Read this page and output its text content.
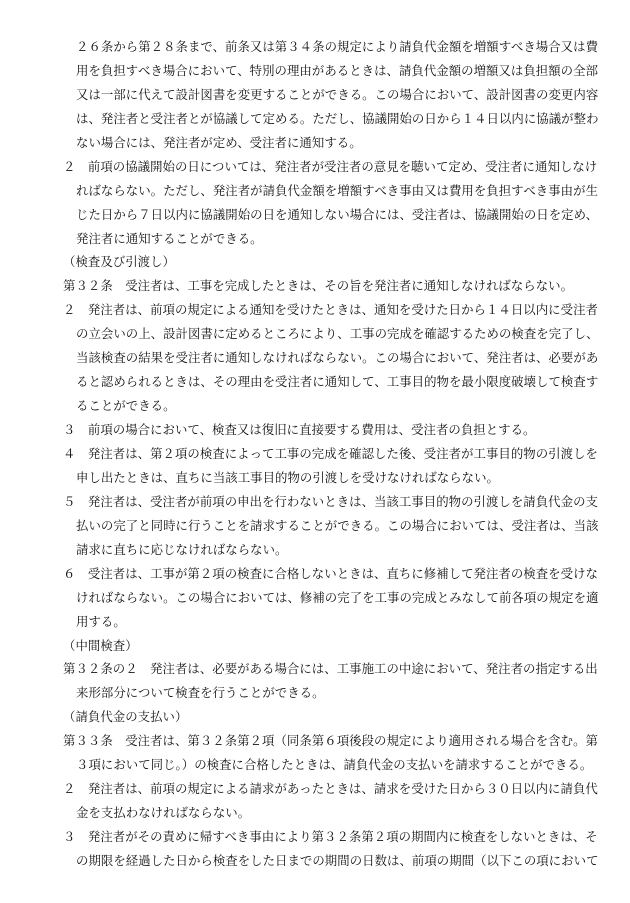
２６条から第２８条まで、前条又は第３４条の規定により請負代金額を増額すべき場合又は費
用を負担すべき場合において、特別の理由があるときは、請負代金額の増額又は負担額の全部
又は一部に代えて設計図書を変更することができる。この場合において、設計図書の変更内容
は、発注者と受注者とが協議して定める。ただし、協議開始の日から１４日以内に協議が整わ
ない場合には、発注者が定め、受注者に通知する。
２　前項の協議開始の日については、発注者が受注者の意見を聴いて定め、受注者に通知しなけ
ればならない。ただし、発注者が請負代金額を増額すべき事由又は費用を負担すべき事由が生
じた日から７日以内に協議開始の日を通知しない場合には、受注者は、協議開始の日を定め、
発注者に通知することができる。
（検査及び引渡し）
第３２条　受注者は、工事を完成したときは、その旨を発注者に通知しなければならない。
２　発注者は、前項の規定による通知を受けたときは、通知を受けた日から１４日以内に受注者
の立会いの上、設計図書に定めるところにより、工事の完成を確認するための検査を完了し、
当該検査の結果を受注者に通知しなければならない。この場合において、発注者は、必要があ
ると認められるときは、その理由を受注者に通知して、工事目的物を最小限度破壊して検査す
ることができる。
３　前項の場合において、検査又は復旧に直接要する費用は、受注者の負担とする。
４　発注者は、第２項の検査によって工事の完成を確認した後、受注者が工事目的物の引渡しを
申し出たときは、直ちに当該工事目的物の引渡しを受けなければならない。
５　発注者は、受注者が前項の申出を行わないときは、当該工事目的物の引渡しを請負代金の支
払いの完了と同時に行うことを請求することができる。この場合においては、受注者は、当該
請求に直ちに応じなければならない。
６　受注者は、工事が第２項の検査に合格しないときは、直ちに修補して発注者の検査を受けな
ければならない。この場合においては、修補の完了を工事の完成とみなして前各項の規定を適
用する。
（中間検査）
第３２条の２　発注者は、必要がある場合には、工事施工の中途において、発注者の指定する出
来形部分について検査を行うことができる。
（請負代金の支払い）
第３３条　受注者は、第３２条第２項（同条第６項後段の規定により適用される場合を含む。第
３項において同じ。）の検査に合格したときは、請負代金の支払いを請求することができる。
２　発注者は、前項の規定による請求があったときは、請求を受けた日から３０日以内に請負代
金を支払わなければならない。
３　発注者がその責めに帰すべき事由により第３２条第２項の期間内に検査をしないときは、そ
の期限を経過した日から検査をした日までの期間の日数は、前項の期間（以下この項において
